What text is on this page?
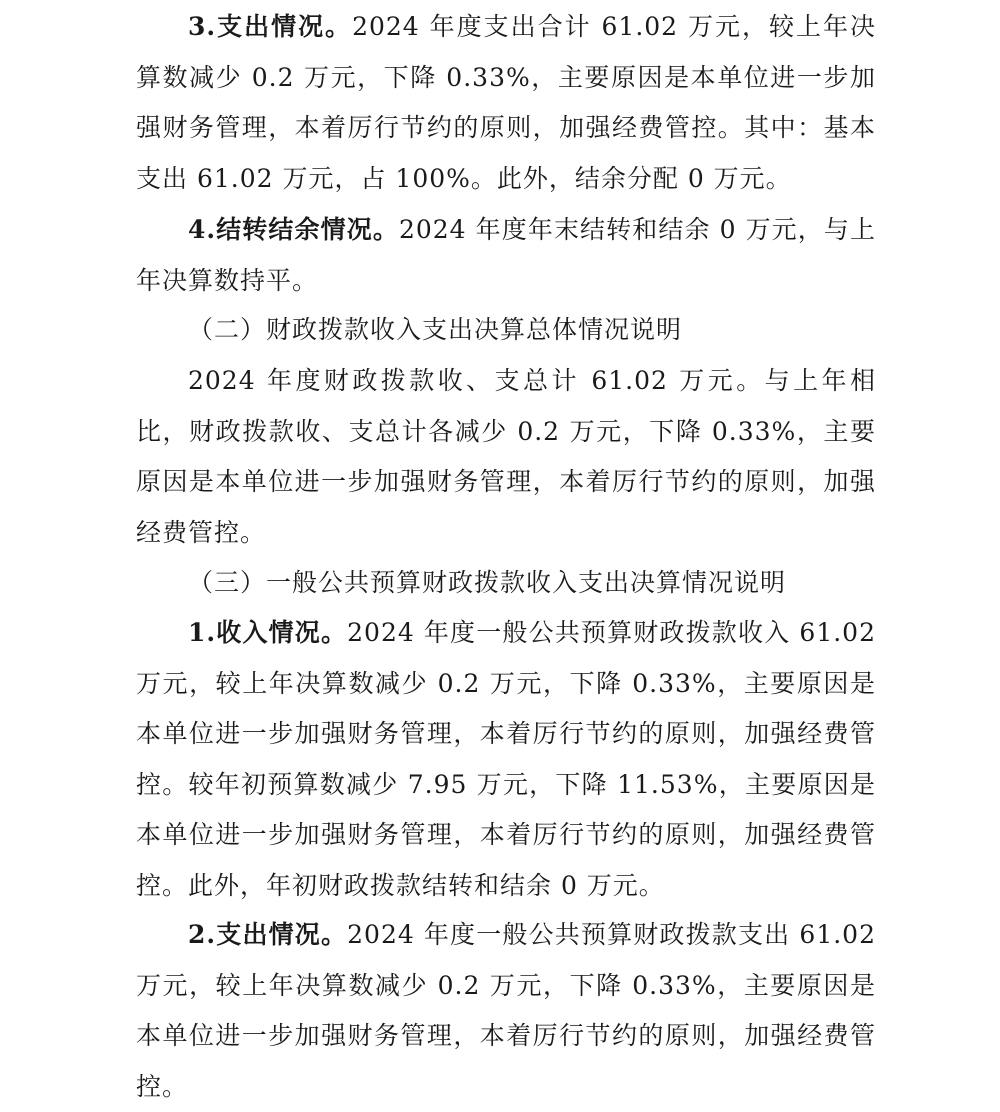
3.支出情况。2024 年度支出合计 61.02 万元，较上年决算数减少 0.2 万元，下降 0.33%，主要原因是本单位进一步加强财务管理，本着厉行节约的原则，加强经费管控。其中：基本支出 61.02 万元，占 100%。此外，结余分配 0 万元。

4.结转结余情况。2024 年度年末结转和结余 0 万元，与上年决算数持平。

（二）财政拨款收入支出决算总体情况说明

2024 年度财政拨款收、支总计 61.02 万元。与上年相比，财政拨款收、支总计各减少 0.2 万元，下降 0.33%，主要原因是本单位进一步加强财务管理，本着厉行节约的原则，加强经费管控。

（三）一般公共预算财政拨款收入支出决算情况说明

1.收入情况。2024 年度一般公共预算财政拨款收入 61.02 万元，较上年决算数减少 0.2 万元，下降 0.33%，主要原因是本单位进一步加强财务管理，本着厉行节约的原则，加强经费管控。较年初预算数减少 7.95 万元，下降 11.53%，主要原因是本单位进一步加强财务管理，本着厉行节约的原则，加强经费管控。此外，年初财政拨款结转和结余 0 万元。

2.支出情况。2024 年度一般公共预算财政拨款支出 61.02 万元，较上年决算数减少 0.2 万元，下降 0.33%，主要原因是本单位进一步加强财务管理，本着厉行节约的原则，加强经费管控。
